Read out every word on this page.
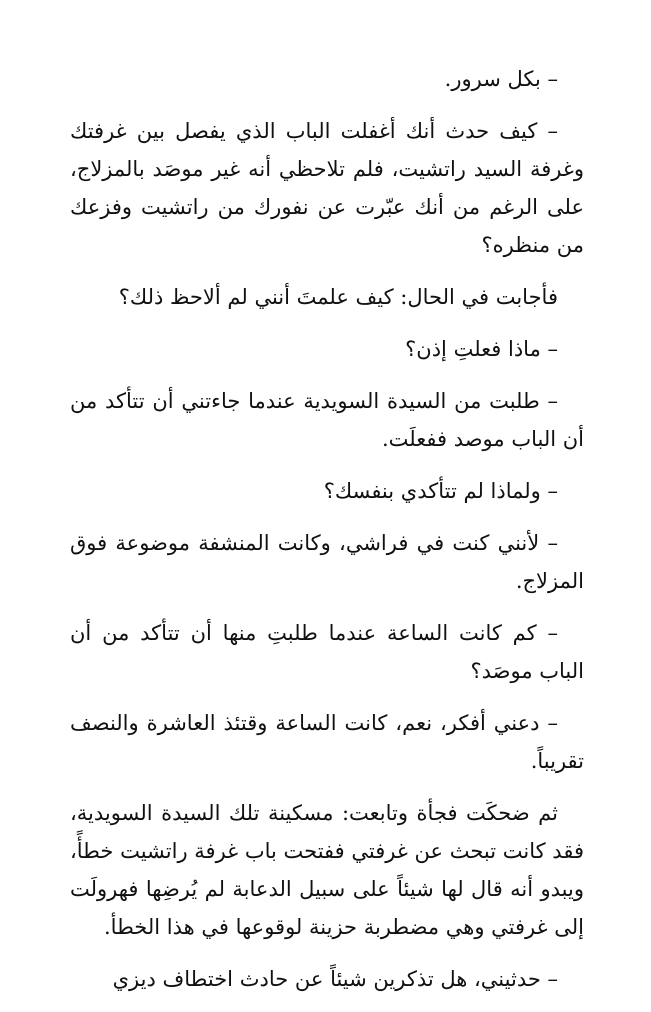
– بكل سرور.

– كيف حدث أنك أغفلت الباب الذي يفصل بين غرفتك وغرفة السيد راتشيت، فلم تلاحظي أنه غير موصَد بالمزلاج، على الرغم من أنك عبّرت عن نفورك من راتشيت وفزعك من منظره؟

فأجابت في الحال: كيف علمتَ أنني لم ألاحظ ذلك؟

– ماذا فعلتِ إذن؟

– طلبت من السيدة السويدية عندما جاءتني أن تتأكد من أن الباب موصد ففعلَت.

– ولماذا لم تتأكدي بنفسك؟

– لأنني كنت في فراشي، وكانت المنشفة موضوعة فوق المزلاج.

– كم كانت الساعة عندما طلبتِ منها أن تتأكد من أن الباب موصَد؟

– دعني أفكر، نعم، كانت الساعة وقتئذ العاشرة والنصف تقريباً.

ثم ضحكَت فجأة وتابعت: مسكينة تلك السيدة السويدية، فقد كانت تبحث عن غرفتي ففتحت باب غرفة راتشيت خطأً، ويبدو أنه قال لها شيئاً على سبيل الدعابة لم يُرضِها فهرولَت إلى غرفتي وهي مضطربة حزينة لوقوعها في هذا الخطأ.

– حدثيني، هل تذكرين شيئاً عن حادث اختطاف ديزي
